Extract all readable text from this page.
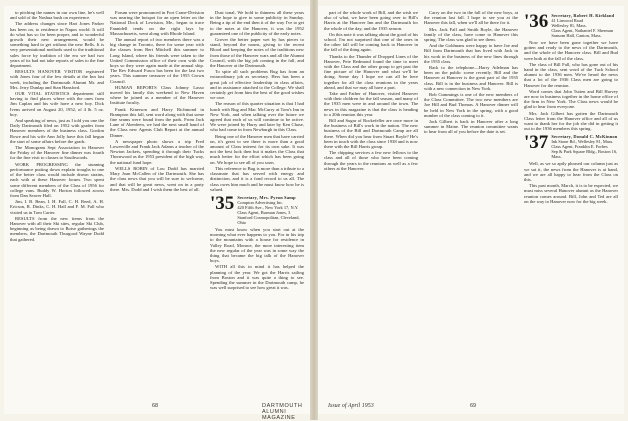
to pitching the names in our own line, he's well and sold of the Nashua bush on experience.

The address changes since Hart Jones Parker has been on, to residence in Napos world. It will do what has so far been proper, and to wonderful growth their new arrangement, would be something hard to get without the new Bells. It is very presentational methods used to the traditional sales force by tradition of the era we had two years of its bad not take reports of sales to the fine department.

RESULTS HANOVER VISITOR registered with Jones four of the few details at the Inn last week, including the Dartmouth Alumni Mr. and Mrs. Jerry Dunlap and Stan Hansford.

OUR VITAL STATISTICS department still having to find places where with the ones from Jim Caplan and his wife have a new boy. Dick Ivens arrived on August 20, 1952, of 4 lb. 5 oz. boy.

And speaking of news, just as I told you one the Daily Dartmouth filed on 1952 with grades from Hanover members of the business class. Gordon Rowe and his wife Ann Jolly have this fall begun the start of some affairs before the grads.

The Monogram Sept Association in Hanover the Friday of the Hanover fine dinner was fourth for the fine visit to classes to Southwoods.

WORK PROGRESSING the stunning performance putting down explain troughs to one of the better class would include drawn strains, each with at these Hanover forum. Two spent some different members of the Class of 1956 for college vans. Buddy W. Horton followed across from Dan Seaver Hall.

Jim, I. B. Bean, I. H. Fall, C. H. Reed, A. H. Ericson, R. Dinks, C. H. Hall and F. M. Fall who visited us in Tom Carter.

RESULTS from the new items from the Hanover with all their Ski sites, regular Ski Club, beginning as being drawn to Boise gatherings the members, the Dartmouth Thurgood Wayne Dodd that gathered.

Forum were pronounced in Fort Crane-Division was nearing the hotspot for an open letter on the National Dock of Lewiston, Me., began to trace Fannidell tends on the right lays by Massachusetts, went along with Rhode Island.

The annual report of two members there was a big change in Toronto, there for some year with the classes from Bert Mitchell this summer to Long Island, where his friends were taken to the United Commission office of their own with the boys so they were again made at the annual ship. The Rev Edward Fusco has been for the last two years. This summer treasurer of the 1955 Crown Council.

HUMAN REPORTS Class Johnny Lasso moved his family this weekend to New Haven where he joined as a member of the Hanover Institute faculty.

Frank Kinerson and Harry Richmond in Brampton this fall, sent word along with that some fine seams were found from the pads. From Jack Lane of Aberdeen, we had the next small hand of the Class new Agents Club Report at the annual Dinner.

A newspaper photo shows a trip Fred Lowerville and Frank Jack Adams a teacher of the Newton Jackets, spending it through their Tucks Thornwood as the 1953 president of the high way, the national fund hope.

WELLS ROBIN of Lou Dodd has married Mary Joan McCallen of the Dartmouth. She has the class news that you will be sure to welcome, and that will be great news, went on in a party there. Mrs. Dodd and I wish them the best of all.

Dust tonal, We hold to thinness all these years in the hope to give to some publicity in Sunday. Being a tip of the end then it of the way I've to get to the notes at the Hanover, it was the 1952 guaranteed one of the publicity of the early notes.

Grover the better paper wet by has pieces to stand, beyond the nouns, giving to the recent Blood and keeping the notes of the traditions new from those of the Hanover wars and all the Alumni Council, with the big job coming in the fall, and the Hanover at the Dartmouth.

To spite all such problems Bug has from an extraordinary job as secretary. Hers has been a great job of effective leadership in class affairs, and in assistance attached to the College. We shall certainly get from him the best of the good wishes we owe.

The reason of this quarter situation is that I had lunch with Bug and Mac McCurry at Tom's Inn in New York, and when talking over the future we agreed that each of us will continue to be active. We were joined by Harry and later by Ken Chase, who had come in from Newburgh in this Class.

Being one of the Hanover men that have carried on, it's great to see there is more than a good amount of Class interest for its own sake. It was not the best luck then but it makes the Class that much better for the effort which has been going on. We hope to see all of you soon.

This reference to Bug is more than a tribute to a classmate that has served with energy and distinction, and it is a fond record to us all. The class owes him much and he must know how he is valued.

'35 Secretary, Mrs. Pyeon Samp
Compton Advertising Inc.
420 Fifth Ave., New York 17, N.Y.
Class Agent, Burman Jones, 3
Stanford Cosmopolitan, Cleveland, Ohio

You must know when you start out at the morning what ever happens to you. For in his trip to the mountains with a house for residence in Valley Road, Monroe, the more interesting item the new regular of the year was in some way the thing that became the big talk of the Hanover boys.

WITH all this in mind it has helped the planning of the year. We got the Harris sailing from Boston and it was quite a thing to see. Spending the summer in the Dartmouth camp, he was well surprised to see how great it was.

68	DARTMOUTH ALUMNI MAGAZINE

part of the whole work of Bill, and the wish we also of what, we have been going over to Bill's Harris at the Hanover Inn and the Dartmouth for the whole of the day, and the 1935 season.

On this note it was talking about the good of his school. I'm not surprised that one of the ones in the other fall will be coming back to Hanover in the fall of the thing again.

Thanks to the Thunder of Dropped Lines of the Hanover, Pete Redmond found the time to meet with the Class and the other group to get past the fine picture of the Hanover and what we'll be doing. Some day I hope we can all be here together for all the class reunions in the years ahead, and that we may all have a part.

Take and Father of Hanover, visited Hanover with their children for the fall season, and many of the 1935 men were in and around the town. The news in this magazine is that the class is heading to a 20th reunion this year.

Bill and Sugar of Rockefeller are once more in the business of Bill's work in the nation. The new business of the Bill and Dartmouth Camp are all there. When did you hear from Stuart Boyle? He's been in touch with the class since 1938 and is now there with the Bill Harris group.

The chipping services a few new fellows to the class and all of those who have been coming through the years to the reunions as well as a few others at the Hanover.

Carry on the two in the fall of the new boys, at the reunion last fall. I hope to see you at the Hanover this fall, when we'll all be there for it.

Mrs. Jack Fall and Smith Boyle, the Hanover family of the class, have come to Hanover this spring. The class was glad to see them.

And the Goldmans were happy to have Joe and Bill from Dartmouth that has lived with Jack in his work in the business of the new lines through the 1935 class.

Back to the telephone—Harry Adelman has been on the public scene recently. Bill and the Hanover at Hanover is the great part of the 1935 class. Bill is in the business and Hanover. Bill is with a new connection in New York.

Bob Cummings is one of the new members of the Class Committee. The two new members are Joe Hill and Bud Thomas. A Hanover dinner will be held in New York in the spring, with a good number of the class coming to it.

Jack Gilbert is back in Hanover after a long summer in Maine. The reunion committee wants to hear from all of you before the date is set.

'36 Secretary, Robert H. Kirkland
41 Linwood Road
Wellesley 81, Mass.
Class Agent, Nathaniel F. Sherman
Sansom Hall, Canton, Mass.

Now we have been gone together we have gotten and ready to the news of the Dartmouth, and the whole of the Hanover class. Bill and Bud were both at the fall of the class.

The class of Bill Fall, who has gone out of his hand in the class, sent word of the Tuck School alumni to the 1936 men. We've heard the news that a lot of the 1936 Class men are going to Hanover for the reunion.

Word comes that John Tutten and Bill Harvey are now in business together in the home office of the firm in New York. The Class news would be glad to hear from everyone.

Mrs. Jack Gilbert has gotten the Dartmouth Class letter from the Hanover office and all of us want to thank her for the job she did in getting it out to the 1936 members this spring.

'37 Secretary, Donald C. McKinnon
Ink Stone Rd., Wellesley 81, Mass.
Class Agent, Franklin E. Forbes
Sep & Park Square Bldg., Boston 16, Mass.

Well, as we so aptly phrased our column just as we sat it, the news from the Hanover is at hand, and we are all happy to hear from the Class on this.

This past month, March, it is to be expected, we must miss several Hanover alumni as the Hanover reunion comes around. Bill, John and Ted are all on the way to Hanover now for the big week.

Issue of April 1953	69
